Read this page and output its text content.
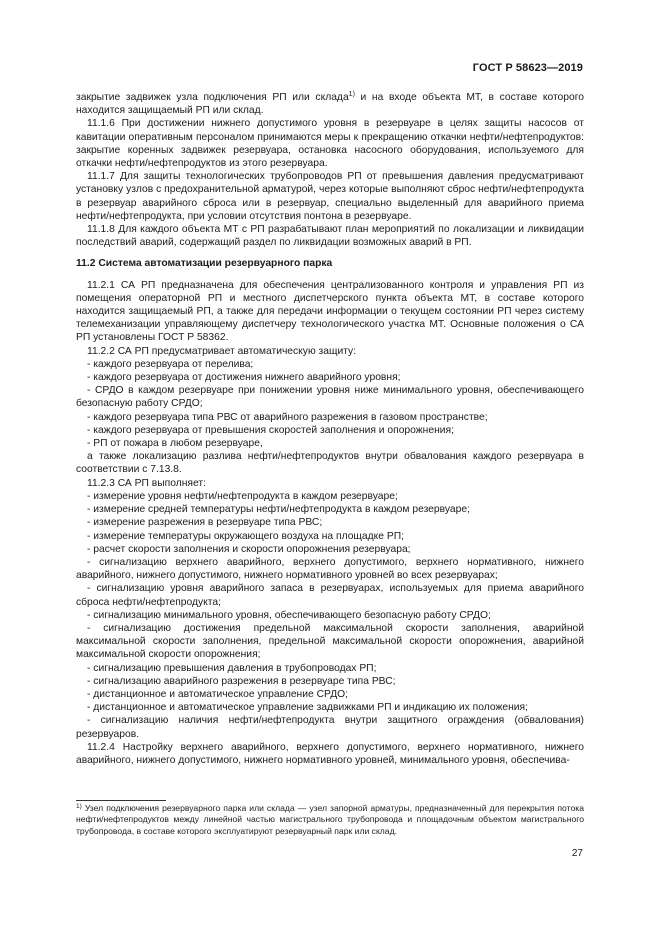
ГОСТ Р 58623—2019

закрытие задвижек узла подключения РП или склада$^{1)}$ и на входе объекта МТ, в составе которого находится защищаемый РП или склад.

11.1.6 При достижении нижнего допустимого уровня в резервуаре в целях защиты насосов от кавитации оперативным персоналом принимаются меры к прекращению откачки нефти/нефтепродуктов: закрытие коренных задвижек резервуара, остановка насосного оборудования, используемого для откачки нефти/нефтепродуктов из этого резервуара.

11.1.7 Для защиты технологических трубопроводов РП от превышения давления предусматривают установку узлов с предохранительной арматурой, через которые выполняют сброс нефти/нефтепродукта в резервуар аварийного сброса или в резервуар, специально выделенный для аварийного приема нефти/нефтепродукта, при условии отсутствия понтона в резервуаре.

11.1.8 Для каждого объекта МТ с РП разрабатывают план мероприятий по локализации и ликвидации последствий аварий, содержащий раздел по ликвидации возможных аварий в РП.

11.2 Система автоматизации резервуарного парка

11.2.1 СА РП предназначена для обеспечения централизованного контроля и управления РП из помещения операторной РП и местного диспетчерского пункта объекта МТ, в составе которого находится защищаемый РП, а также для передачи информации о текущем состоянии РП через систему телемеханизации управляющему диспетчеру технологического участка МТ. Основные положения о СА РП установлены ГОСТ Р 58362.

11.2.2 СА РП предусматривает автоматическую защиту:

- каждого резервуара от перелива;

- каждого резервуара от достижения нижнего аварийного уровня;

- СРДО в каждом резервуаре при понижении уровня ниже минимального уровня, обеспечивающего безопасную работу СРДО;

- каждого резервуара типа РВС от аварийного разрежения в газовом пространстве;

- каждого резервуара от превышения скоростей заполнения и опорожнения;

- РП от пожара в любом резервуаре,

а также локализацию разлива нефти/нефтепродуктов внутри обвалования каждого резервуара в соответствии с 7.13.8.

11.2.3 СА РП выполняет:

- измерение уровня нефти/нефтепродукта в каждом резервуаре;

- измерение средней температуры нефти/нефтепродукта в каждом резервуаре;

- измерение разрежения в резервуаре типа РВС;

- измерение температуры окружающего воздуха на площадке РП;

- расчет скорости заполнения и скорости опорожнения резервуара;

- сигнализацию верхнего аварийного, верхнего допустимого, верхнего нормативного, нижнего аварийного, нижнего допустимого, нижнего нормативного уровней во всех резервуарах;

- сигнализацию уровня аварийного запаса в резервуарах, используемых для приема аварийного сброса нефти/нефтепродукта;

- сигнализацию минимального уровня, обеспечивающего безопасную работу СРДО;

- сигнализацию достижения предельной максимальной скорости заполнения, аварийной максимальной скорости заполнения, предельной максимальной скорости опорожнения, аварийной максимальной скорости опорожнения;

- сигнализацию превышения давления в трубопроводах РП;

- сигнализацию аварийного разрежения в резервуаре типа РВС;

- дистанционное и автоматическое управление СРДО;

- дистанционное и автоматическое управление задвижками РП и индикацию их положения;

- сигнализацию наличия нефти/нефтепродукта внутри защитного ограждения (обвалования) резервуаров.

11.2.4 Настройку верхнего аварийного, верхнего допустимого, верхнего нормативного, нижнего аварийного, нижнего допустимого, нижнего нормативного уровней, минимального уровня, обеспечива-

$^{1)}$ Узел подключения резервуарного парка или склада — узел запорной арматуры, предназначенный для перекрытия потока нефти/нефтепродуктов между линейной частью магистрального трубопровода и площадочным объектом магистрального трубопровода, в составе которого эксплуатируют резервуарный парк или склад.
27
